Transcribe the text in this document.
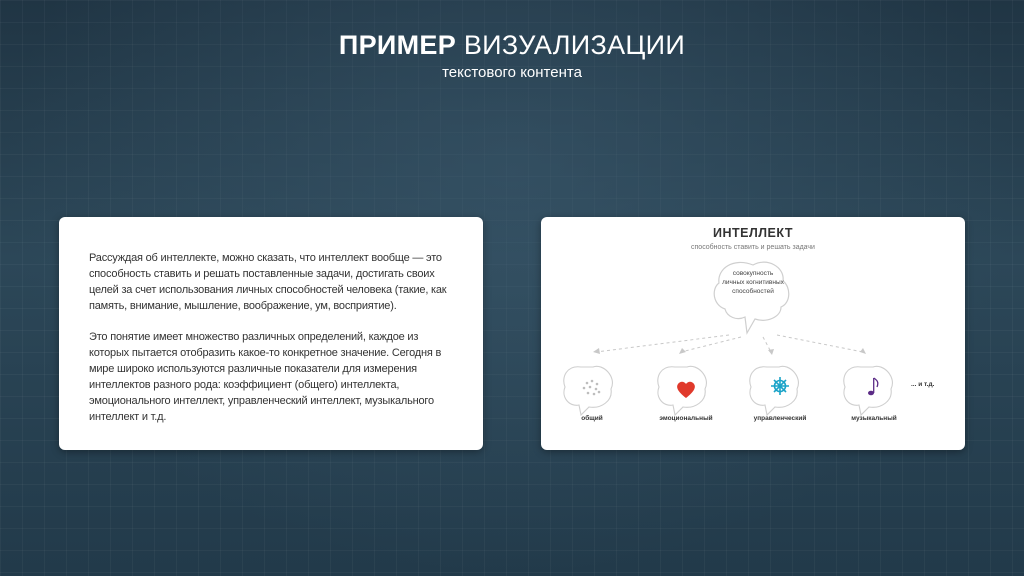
ПРИМЕР ВИЗУАЛИЗАЦИИ
текстового контента

Рассуждая об интеллекте, можно сказать, что интеллект вообще — это способность ставить и решать поставленные задачи, достигать своих целей за счет использования личных способностей человека (такие, как память, внимание, мышление, воображение, ум, восприятие).

Это понятие имеет множество различных определений, каждое из которых пытается отобразить какое-то конкретное значение. Сегодня в мире широко используются различные показатели для измерения интеллектов разного рода: коэффициент (общего) интеллекта, эмоционального интеллект, управленческий интеллект, музыкального интеллект и т.д.

ИНТЕЛЛЕКТ
способность ставить и решать задачи
совокупность личных когнитивных способностей
общий	эмоциональный	управленческий	музыкальный
... и т.д.
